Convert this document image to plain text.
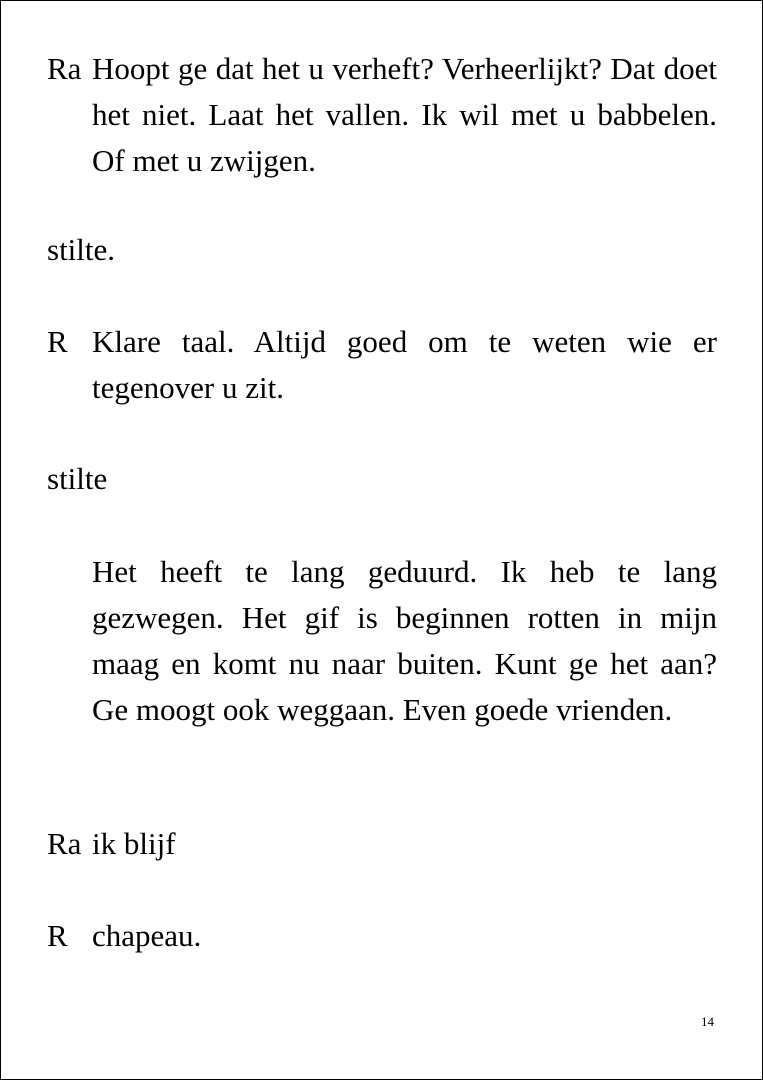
Ra Hoopt ge dat het u verheft? Verheerlijkt? Dat doet het niet. Laat het vallen. Ik wil met u babbelen. Of met u zwijgen.
stilte.
R Klare taal. Altijd goed om te weten wie er tegenover u zit.
stilte
Het heeft te lang geduurd. Ik heb te lang gezwegen. Het gif is beginnen rotten in mijn maag en komt nu naar buiten. Kunt ge het aan? Ge moogt ook weggaan. Even goede vrienden.
Ra ik blijf
R chapeau.
14
